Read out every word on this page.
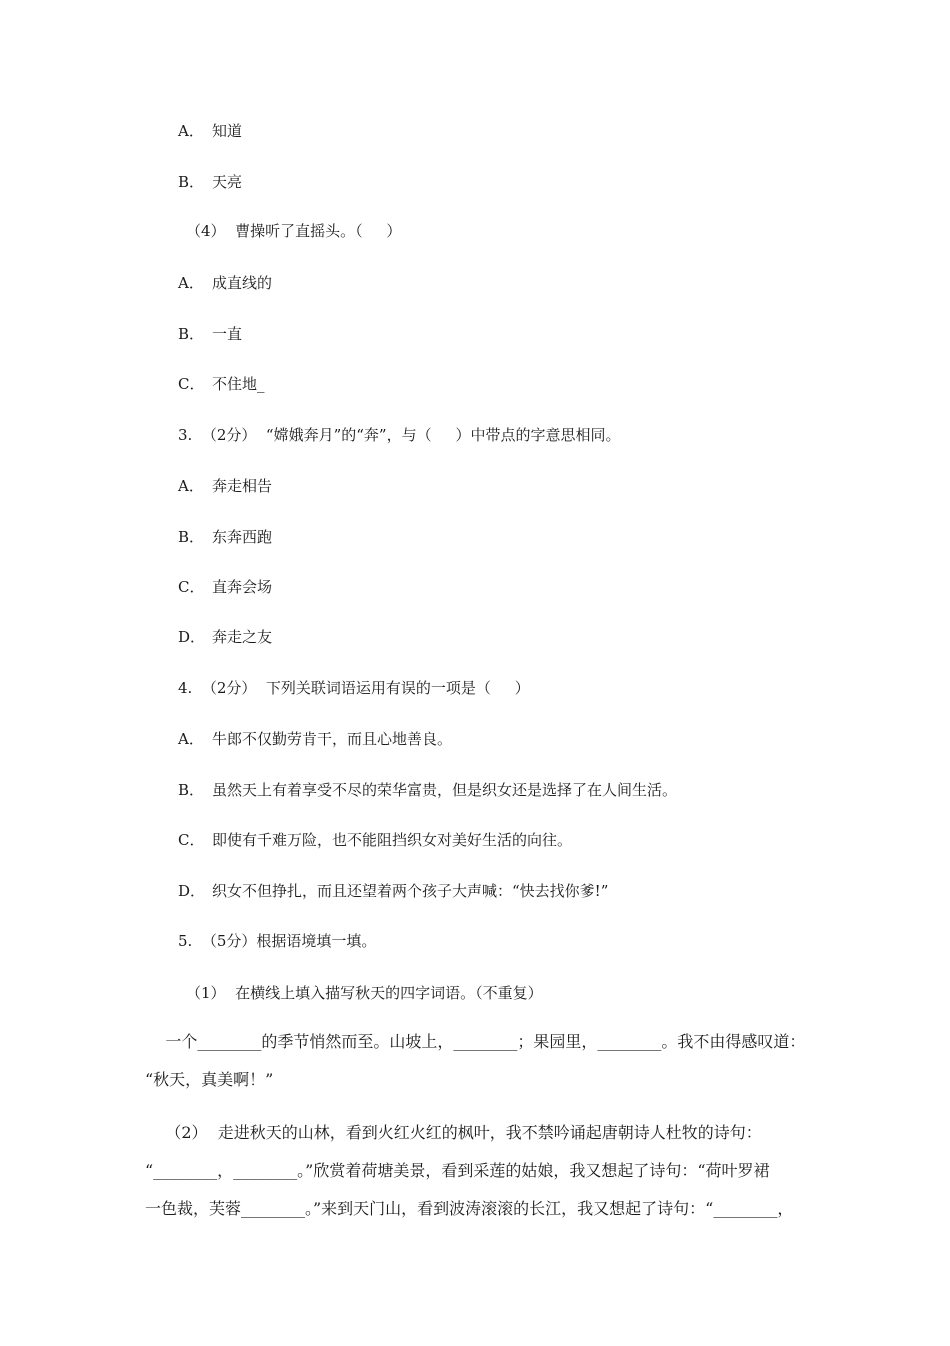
A． 知道
B． 天亮
（4）  曹操听了直摇头。（     ）
A． 成直线的
B． 一直
C． 不住地_
3.  （2分）  “嫦娥奔月”的“奔”，与（     ）中带点的字意思相同。
A． 奔走相告
B． 东奔西跑
C． 直奔会场
D． 奔走之友
4.  （2分）  下列关联词语运用有误的一项是（     ）
A． 牛郎不仅勤劳肯干，而且心地善良。
B． 虽然天上有着享受不尽的荣华富贵，但是织女还是选择了在人间生活。
C． 即使有千难万险，也不能阻挡织女对美好生活的向往。
D． 织女不但挣扎，而且还望着两个孩子大声喊：“快去找你爹!”
5.  （5分）根据语境填一填。
（1）  在横线上填入描写秋天的四字词语。（不重复）
一个________的季节悄然而至。山坡上，________；果园里，________。我不由得感叹道：
“秋天，真美啊！”
（2）  走进秋天的山林，看到火红火红的枫叶，我不禁吟诵起唐朝诗人杜牧的诗句：
“________，________。”欣赏着荷塘美景，看到采莲的姑娘，我又想起了诗句：“荷叶罗裙
一色裁，芙蓉________。”来到天门山，看到波涛滚滚的长江，我又想起了诗句：“________，
